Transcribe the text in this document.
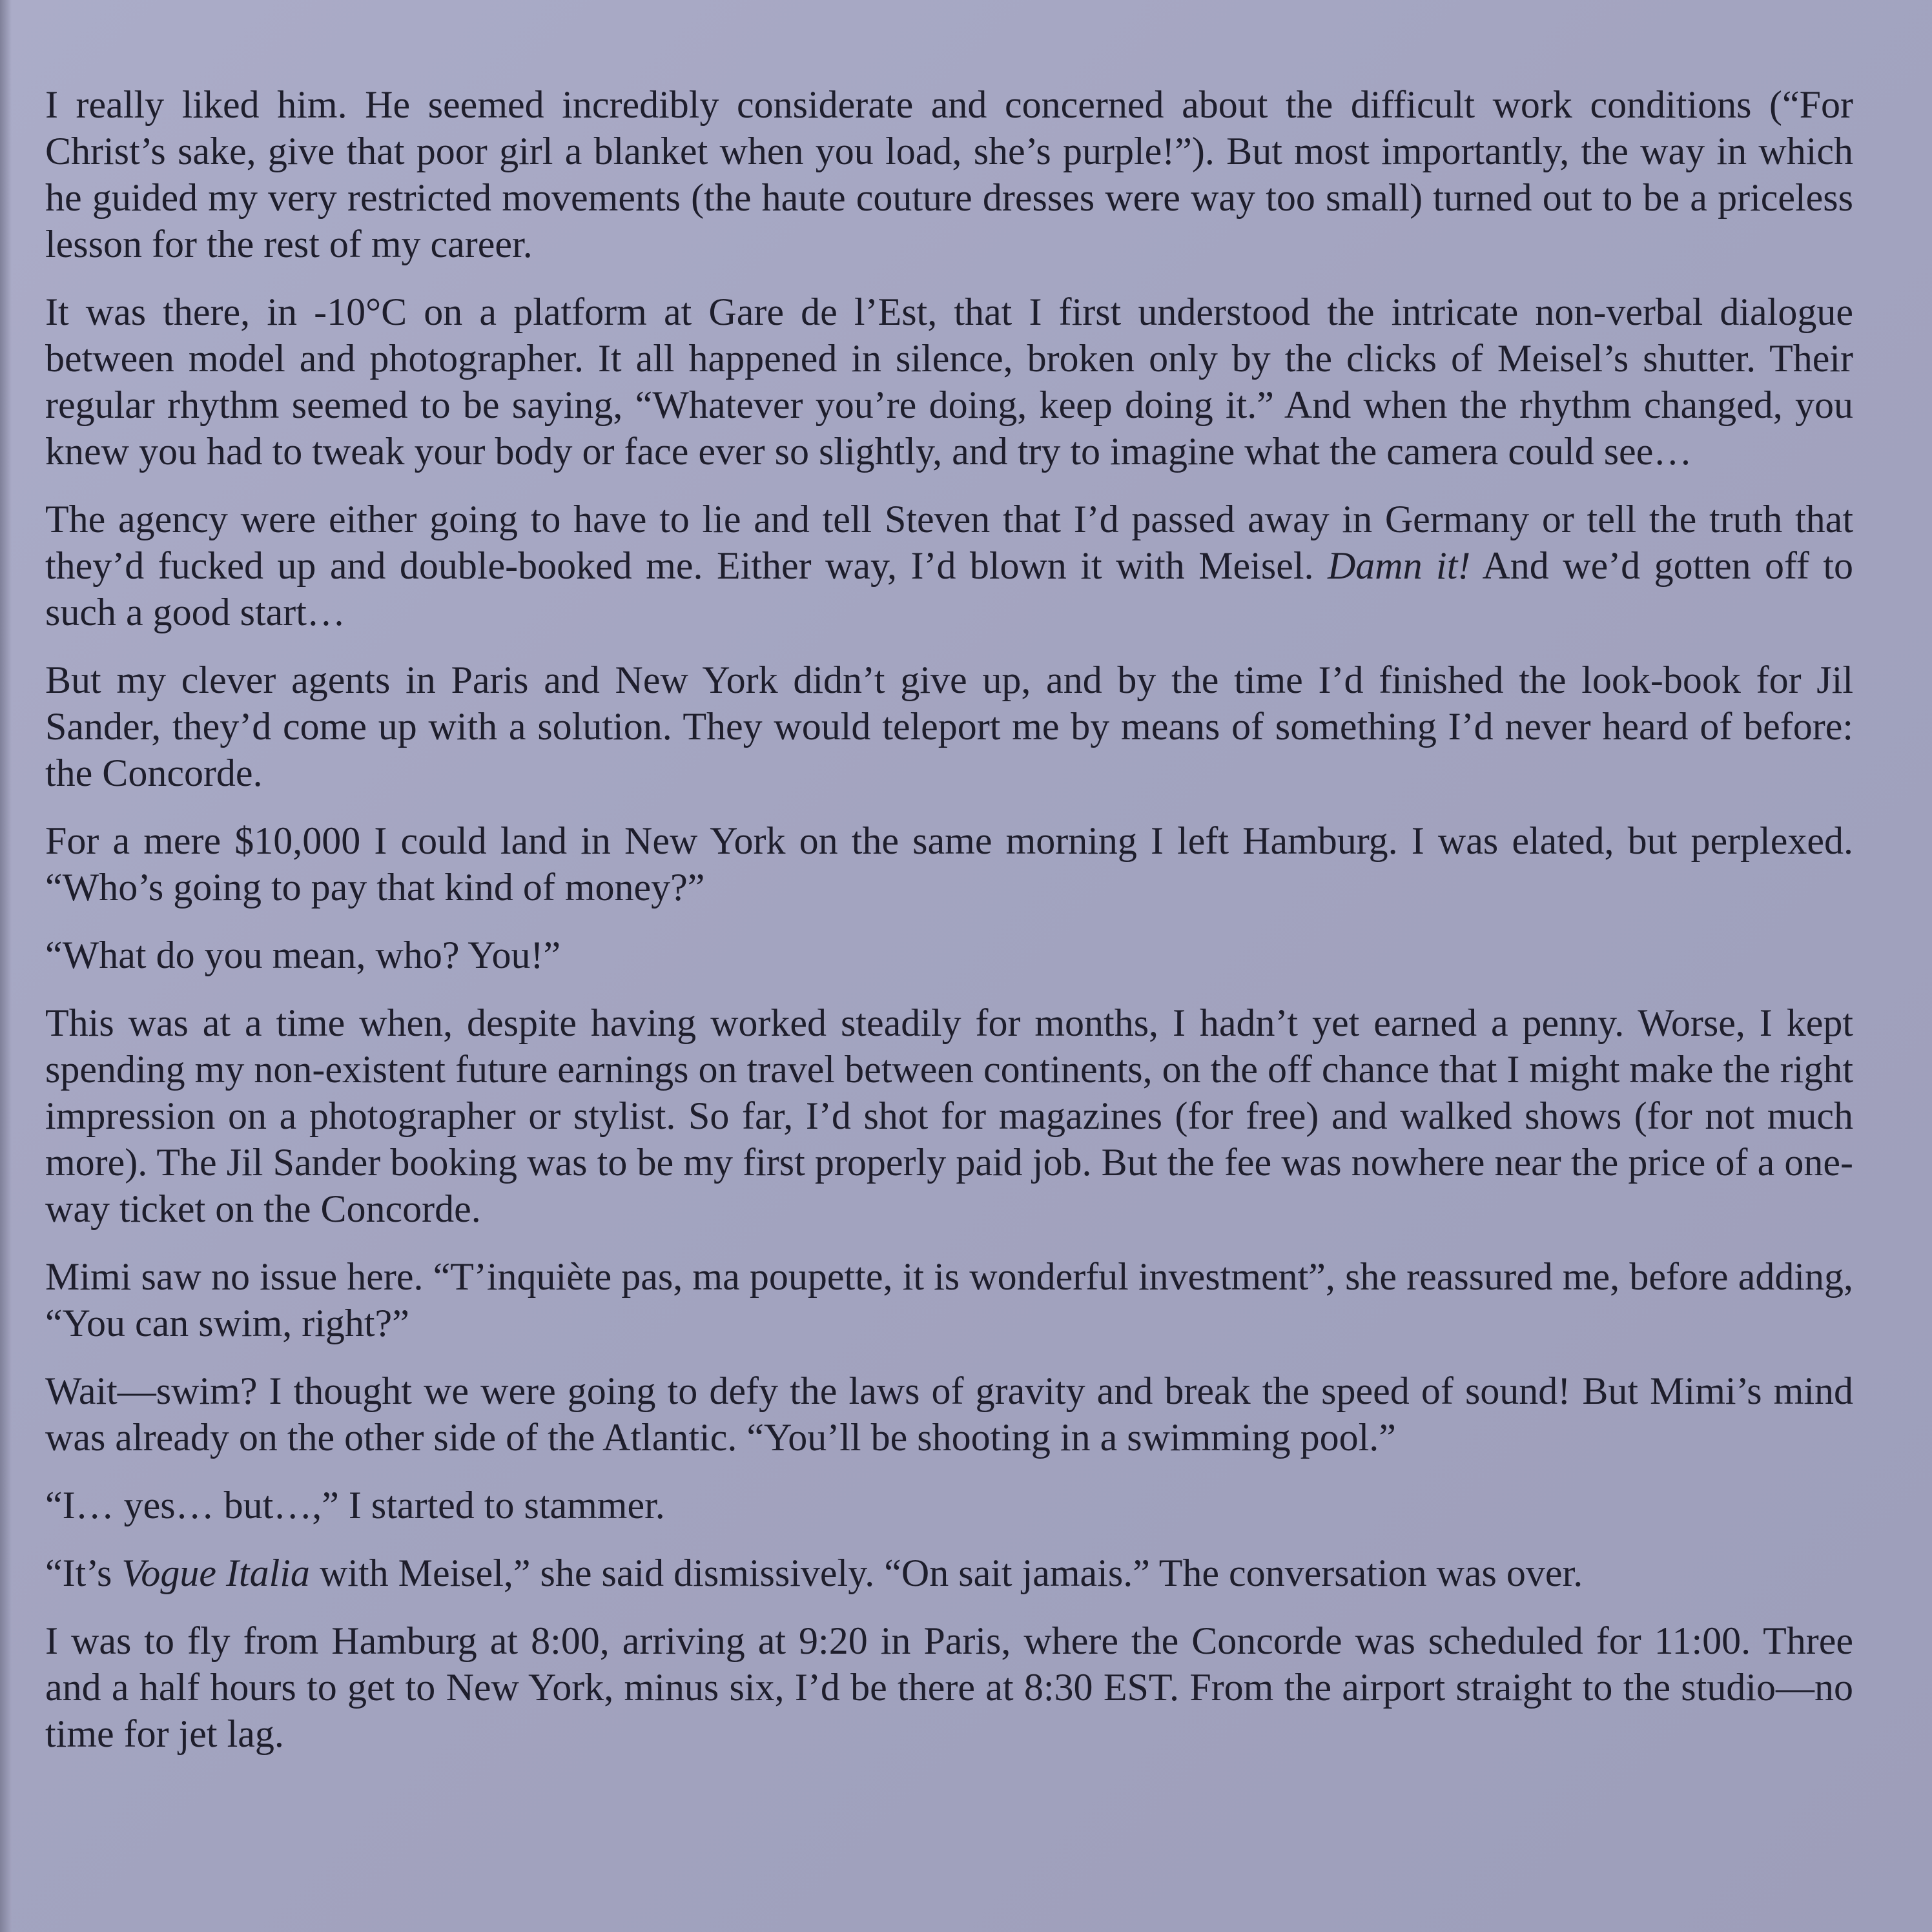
I really liked him. He seemed incredibly considerate and concerned about the difficult work conditions (“For Christ’s sake, give that poor girl a blanket when you load, she’s purple!”). But most importantly, the way in which he guided my very restricted movements (the haute couture dresses were way too small) turned out to be a priceless lesson for the rest of my career.

It was there, in -10°C on a platform at Gare de l’Est, that I first understood the intricate non-verbal dialogue between model and photographer. It all happened in silence, broken only by the clicks of Meisel’s shutter. Their regular rhythm seemed to be saying, “Whatever you’re doing, keep doing it.” And when the rhythm changed, you knew you had to tweak your body or face ever so slightly, and try to imagine what the camera could see…

The agency were either going to have to lie and tell Steven that I’d passed away in Germany or tell the truth that they’d fucked up and double-booked me. Either way, I’d blown it with Meisel. Damn it! And we’d gotten off to such a good start…

But my clever agents in Paris and New York didn’t give up, and by the time I’d finished the look-book for Jil Sander, they’d come up with a solution. They would teleport me by means of something I’d never heard of before: the Concorde.

For a mere $10,000 I could land in New York on the same morning I left Hamburg. I was elated, but perplexed. “Who’s going to pay that kind of money?”

“What do you mean, who? You!”

This was at a time when, despite having worked steadily for months, I hadn’t yet earned a penny. Worse, I kept spending my non-existent future earnings on travel between continents, on the off chance that I might make the right impression on a photographer or stylist. So far, I’d shot for magazines (for free) and walked shows (for not much more). The Jil Sander booking was to be my first properly paid job. But the fee was nowhere near the price of a one-way ticket on the Concorde.

Mimi saw no issue here. “T’inquiète pas, ma poupette, it is wonderful investment”, she reassured me, before adding, “You can swim, right?”

Wait—swim? I thought we were going to defy the laws of gravity and break the speed of sound! But Mimi’s mind was already on the other side of the Atlantic. “You’ll be shooting in a swimming pool.”

“I… yes… but…,” I started to stammer.

“It’s Vogue Italia with Meisel,” she said dismissively. “On sait jamais.” The conversation was over.

I was to fly from Hamburg at 8:00, arriving at 9:20 in Paris, where the Concorde was scheduled for 11:00. Three and a half hours to get to New York, minus six, I’d be there at 8:30 EST. From the airport straight to the studio—no time for jet lag.
